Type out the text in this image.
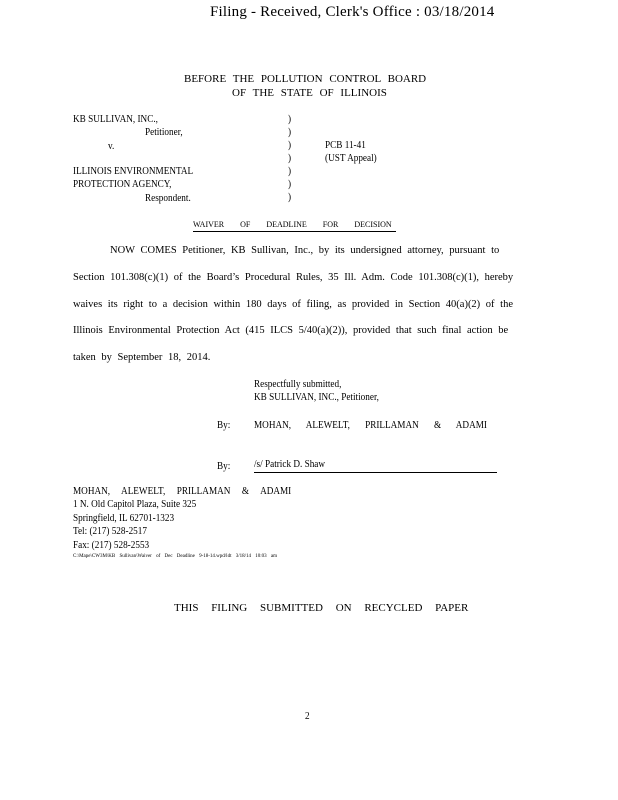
Filing - Received, Clerk's Office : 03/18/2014
BEFORE THE POLLUTION CONTROL BOARD
OF THE STATE OF ILLINOIS
KB SULLIVAN, INC.,
Petitioner,
v.
ILLINOIS ENVIRONMENTAL
PROTECTION AGENCY,
Respondent.
)
)
)
)
)
)
)
PCB 11-41
(UST Appeal)
WAIVER OF DEADLINE FOR DECISION
NOW COMES Petitioner, KB Sullivan, Inc., by its undersigned attorney, pursuant to
Section 101.308(c)(1) of the Board’s Procedural Rules, 35 Ill. Adm. Code 101.308(c)(1), hereby
waives its right to a decision within 180 days of filing, as provided in Section 40(a)(2) of the
Illinois Environmental Protection Act (415 ILCS 5/40(a)(2)), provided that such final action be
taken by September 18, 2014.
Respectfully submitted,
KB SULLIVAN, INC., Petitioner,
By: MOHAN, ALEWELT, PRILLAMAN & ADAMI
By: /s/ Patrick D. Shaw
MOHAN, ALEWELT, PRILLAMAN & ADAMI
1 N. Old Capitol Plaza, Suite 325
Springfield, IL 62701-1323
Tel: (217) 528-2517
Fax: (217) 528-2553
C:\Mape\CW3M\KB Sullivan\Waiver of Dec Deadline 9-18-14.wpd/ldt 3/18/14 10:03 am
THIS FILING SUBMITTED ON RECYCLED PAPER
2
